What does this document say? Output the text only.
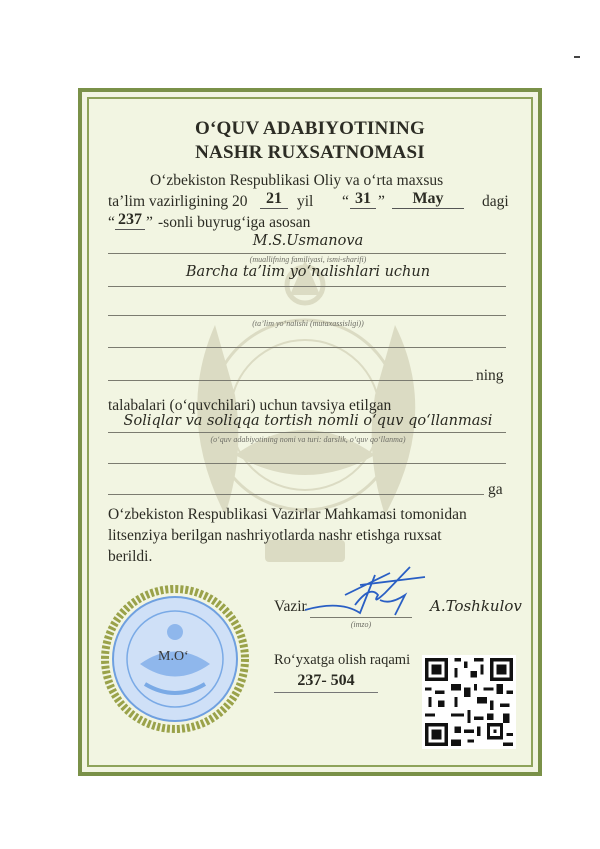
O‘QUV ADABIYOTINING
NASHR RUXSATNOMASI
O‘zbekiston Respublikasi Oliy va o‘rta maxsus
ta’lim vazirligining 20	21 yil “ 31 ”	May	dagi
“ 237 ” -sonli buyrug‘iga asosan
M.S.Usmanova
(muallifning familiyasi, ismi-sharifi)
Barcha ta’lim yo‘nalishlari uchun
(ta’lim yo‘nalishi (mutaxassisligi))
ning
talabalari (o‘quvchilari) uchun tavsiya etilgan
Soliqlar va soliqqa tortish nomli o‘quv qo‘llanmasi
(o‘quv adabiyotining nomi va turi: darslik, o‘quv qo‘llanma)
ga
O‘zbekiston Respublikasi Vazirlar Mahkamasi tomonidan
litsenziya berilgan nashriyotlarda nashr etishga ruxsat
berildi.
Vazir
(imzo)
A.Toshkulov
M.O‘	Ro‘yxatga olish raqami
237- 504
